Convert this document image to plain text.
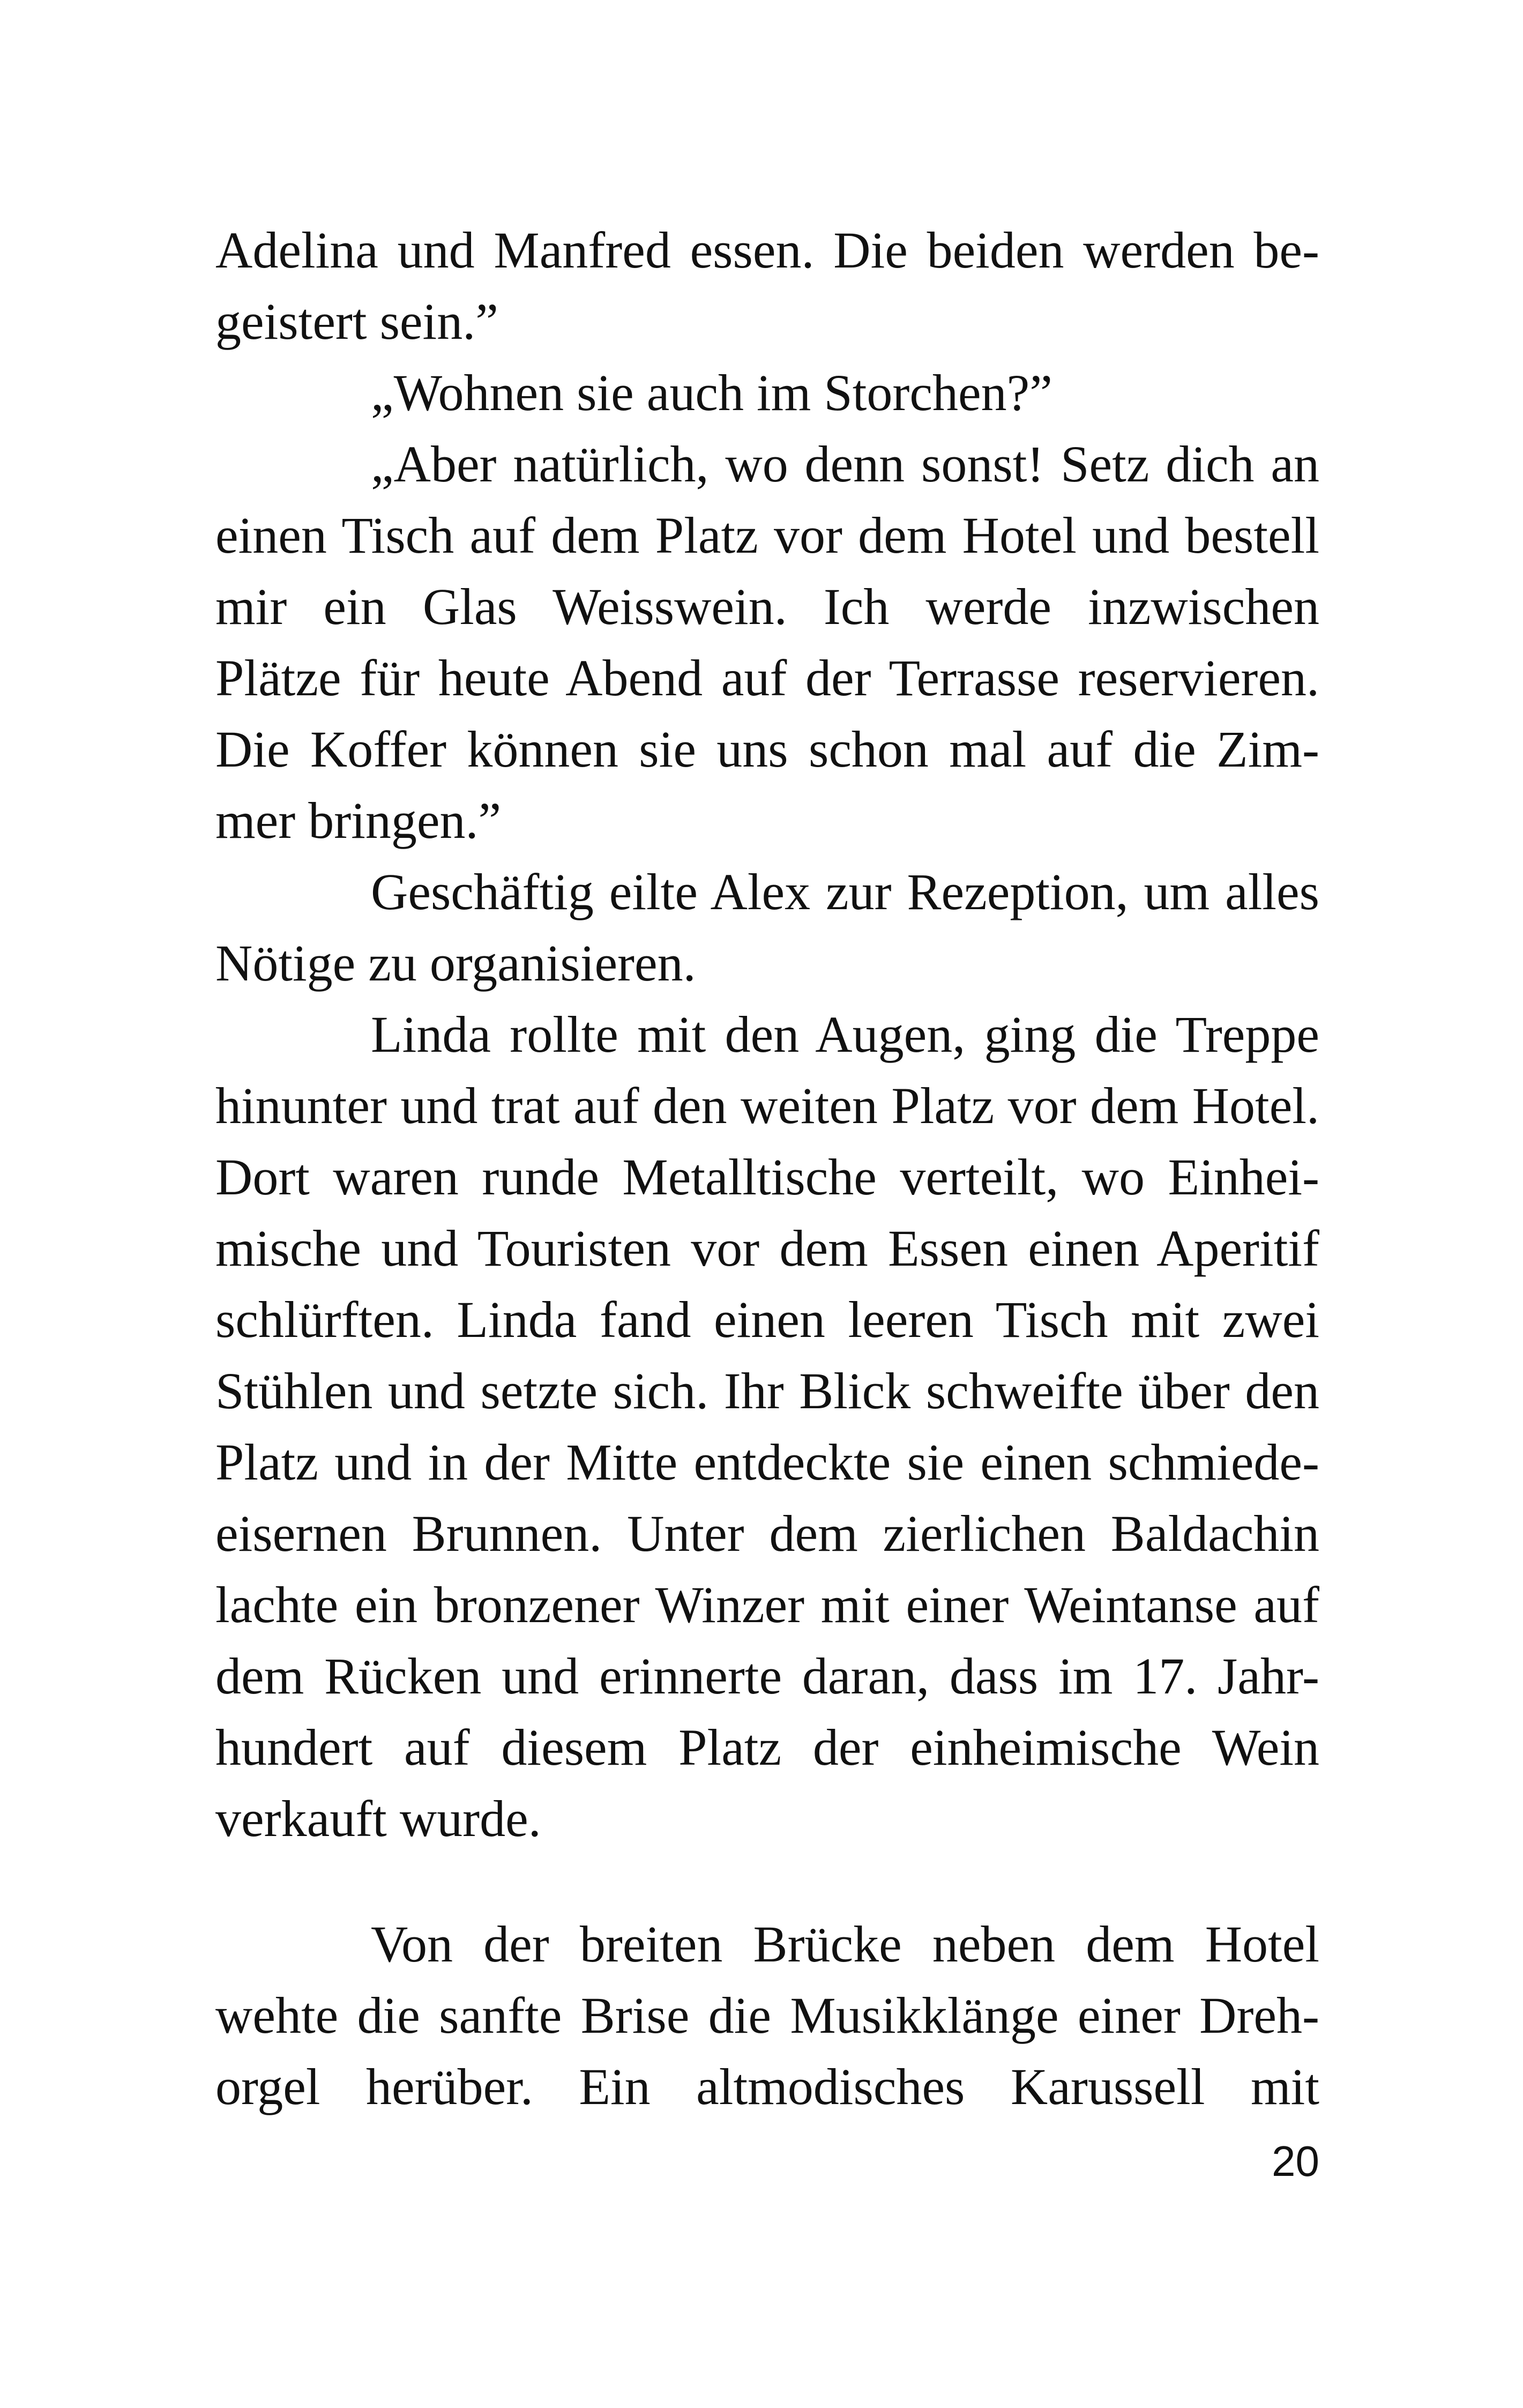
Adelina und Manfred essen. Die beiden werden be-
geistert sein.”
„Wohnen sie auch im Storchen?”
„Aber natürlich, wo denn sonst! Setz dich an
einen Tisch auf dem Platz vor dem Hotel und bestell
mir ein Glas Weisswein. Ich werde inzwischen
Plätze für heute Abend auf der Terrasse reservieren.
Die Koffer können sie uns schon mal auf die Zim-
mer bringen.”
Geschäftig eilte Alex zur Rezeption, um alles
Nötige zu organisieren.
Linda rollte mit den Augen, ging die Treppe
hinunter und trat auf den weiten Platz vor dem Hotel.
Dort waren runde Metalltische verteilt, wo Einhei-
mische und Touristen vor dem Essen einen Aperitif
schlürften. Linda fand einen leeren Tisch mit zwei
Stühlen und setzte sich. Ihr Blick schweifte über den
Platz und in der Mitte entdeckte sie einen schmiede-
eisernen Brunnen. Unter dem zierlichen Baldachin
lachte ein bronzener Winzer mit einer Weintanse auf
dem Rücken und erinnerte daran, dass im 17. Jahr-
hundert auf diesem Platz der einheimische Wein
verkauft wurde.
Von der breiten Brücke neben dem Hotel
wehte die sanfte Brise die Musikklänge einer Dreh-
orgel herüber. Ein altmodisches Karussell mit
20
